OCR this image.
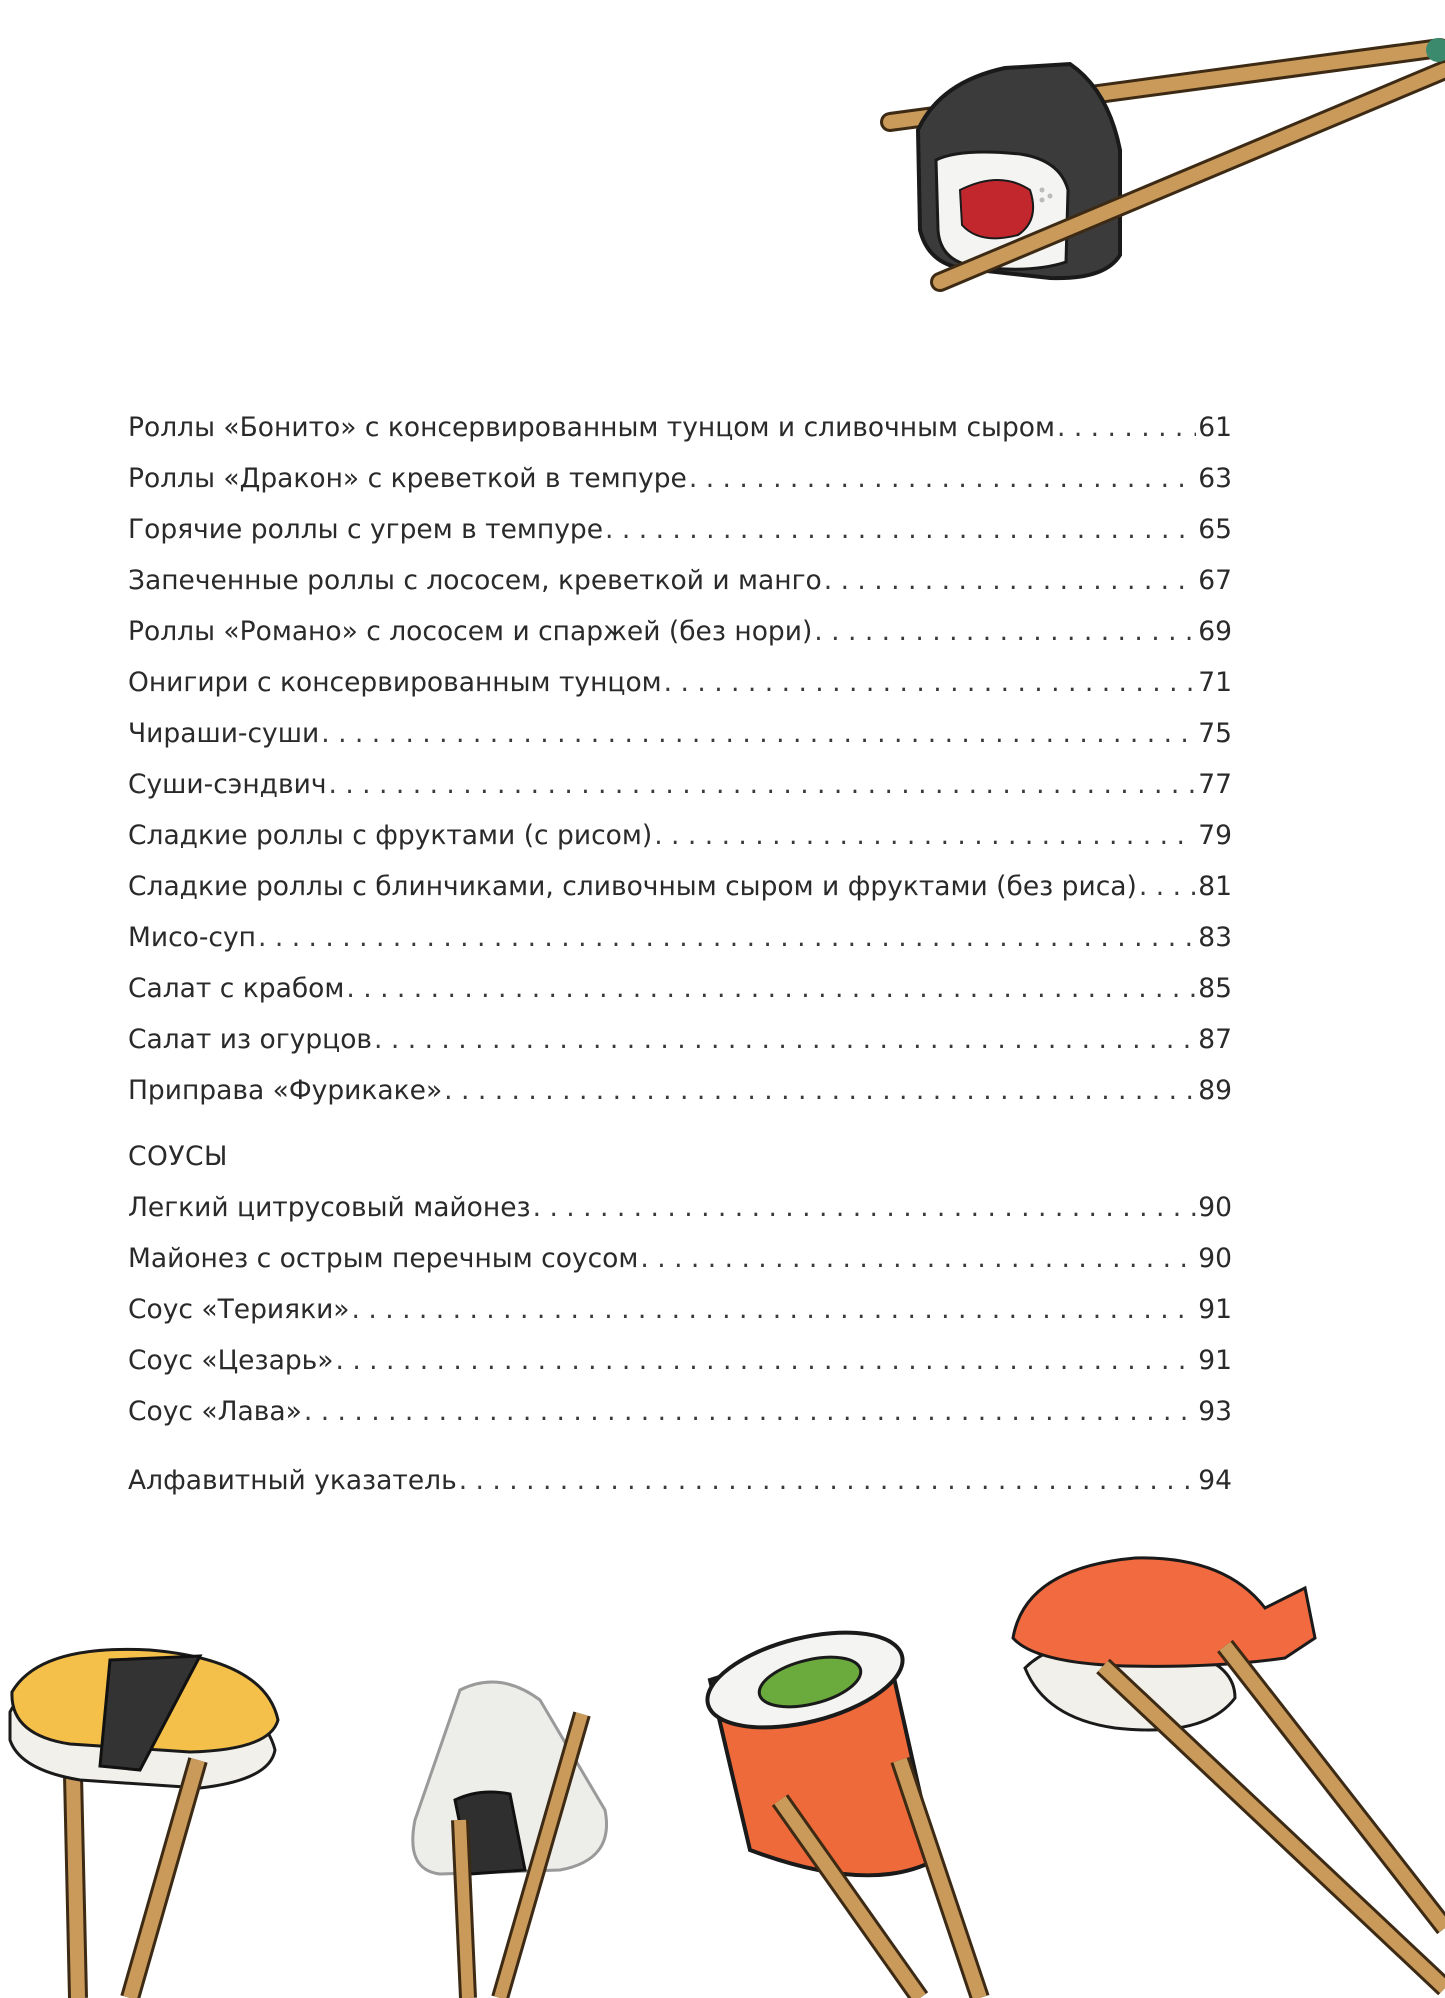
Роллы «Бонито» с консервированным тунцом и сливочным сыром . . .	61
Роллы «Дракон» с креветкой в темпуре . . .	63
Горячие роллы с угрем в темпуре . . .	65
Запеченные роллы с лососем, креветкой и манго . . .	67
Роллы «Романо» с лососем и спаржей (без нори) . . .	69
Онигири с консервированным тунцом . . .	71
Чираши-суши . . .	75
Суши-сэндвич . . .	77
Сладкие роллы с фруктами (с рисом) . . .	79
Сладкие роллы с блинчиками, сливочным сыром и фруктами (без риса) . . . 81
Мисо-суп . . .	83
Салат с крабом . . .	85
Салат из огурцов . . .	87
Приправа «Фурикаке» . . .	89
СОУСЫ
Легкий цитрусовый майонез . . .	90
Майонез с острым перечным соусом . . .	90
Соус «Терияки» . . .	91
Соус «Цезарь» . . .	91
Соус «Лава» . . .	93
Алфавитный указатель . . .	94
